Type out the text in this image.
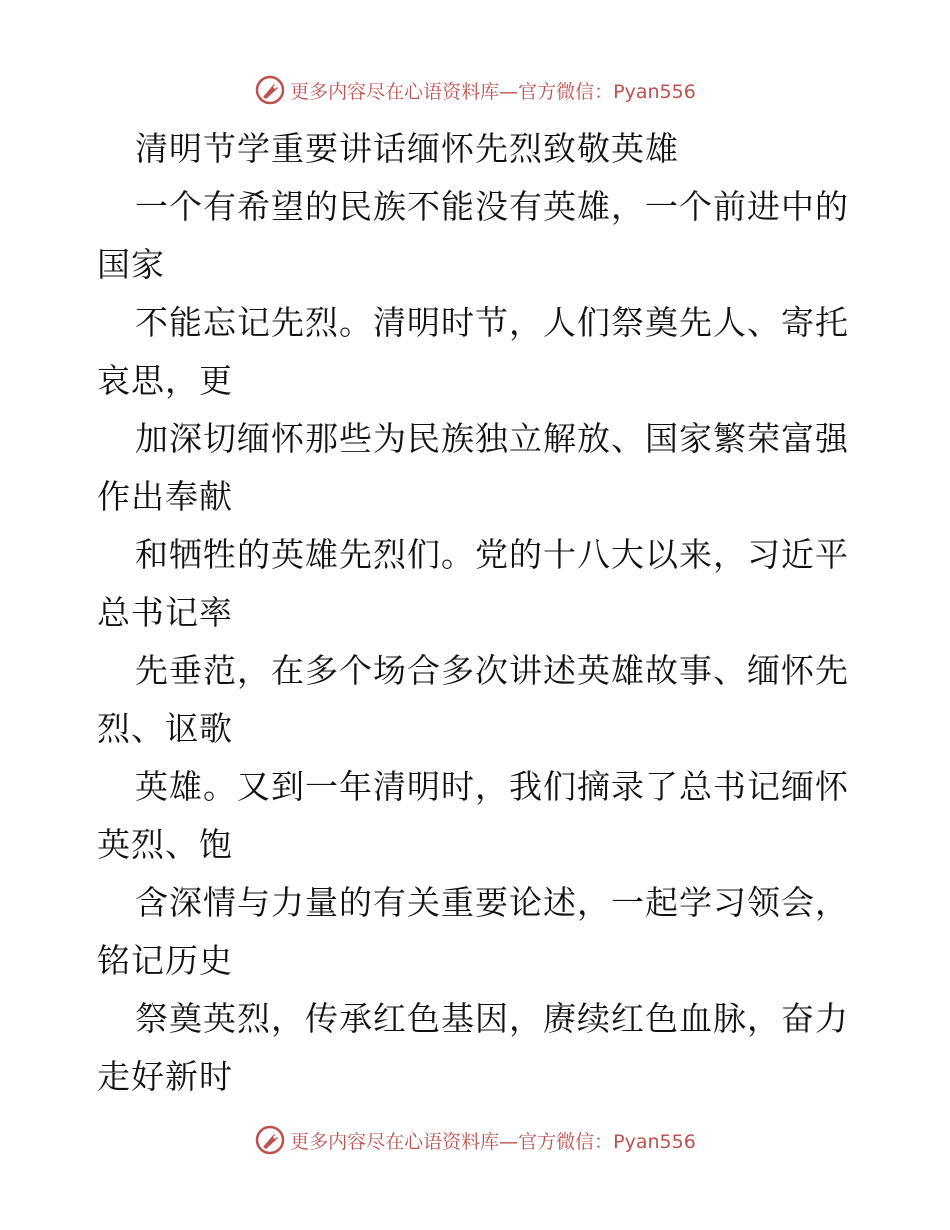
更多内容尽在心语资料库—官方微信：Pyan556
清明节学重要讲话缅怀先烈致敬英雄
一个有希望的民族不能没有英雄，一个前进中的
国家
不能忘记先烈。清明时节，人们祭奠先人、寄托
哀思，更
加深切缅怀那些为民族独立解放、国家繁荣富强
作出奉献
和牺牲的英雄先烈们。党的十八大以来，习近平
总书记率
先垂范，在多个场合多次讲述英雄故事、缅怀先
烈、讴歌
英雄。又到一年清明时，我们摘录了总书记缅怀
英烈、饱
含深情与力量的有关重要论述，一起学习领会，
铭记历史
祭奠英烈，传承红色基因，赓续红色血脉，奋力
走好新时
更多内容尽在心语资料库—官方微信：Pyan556
